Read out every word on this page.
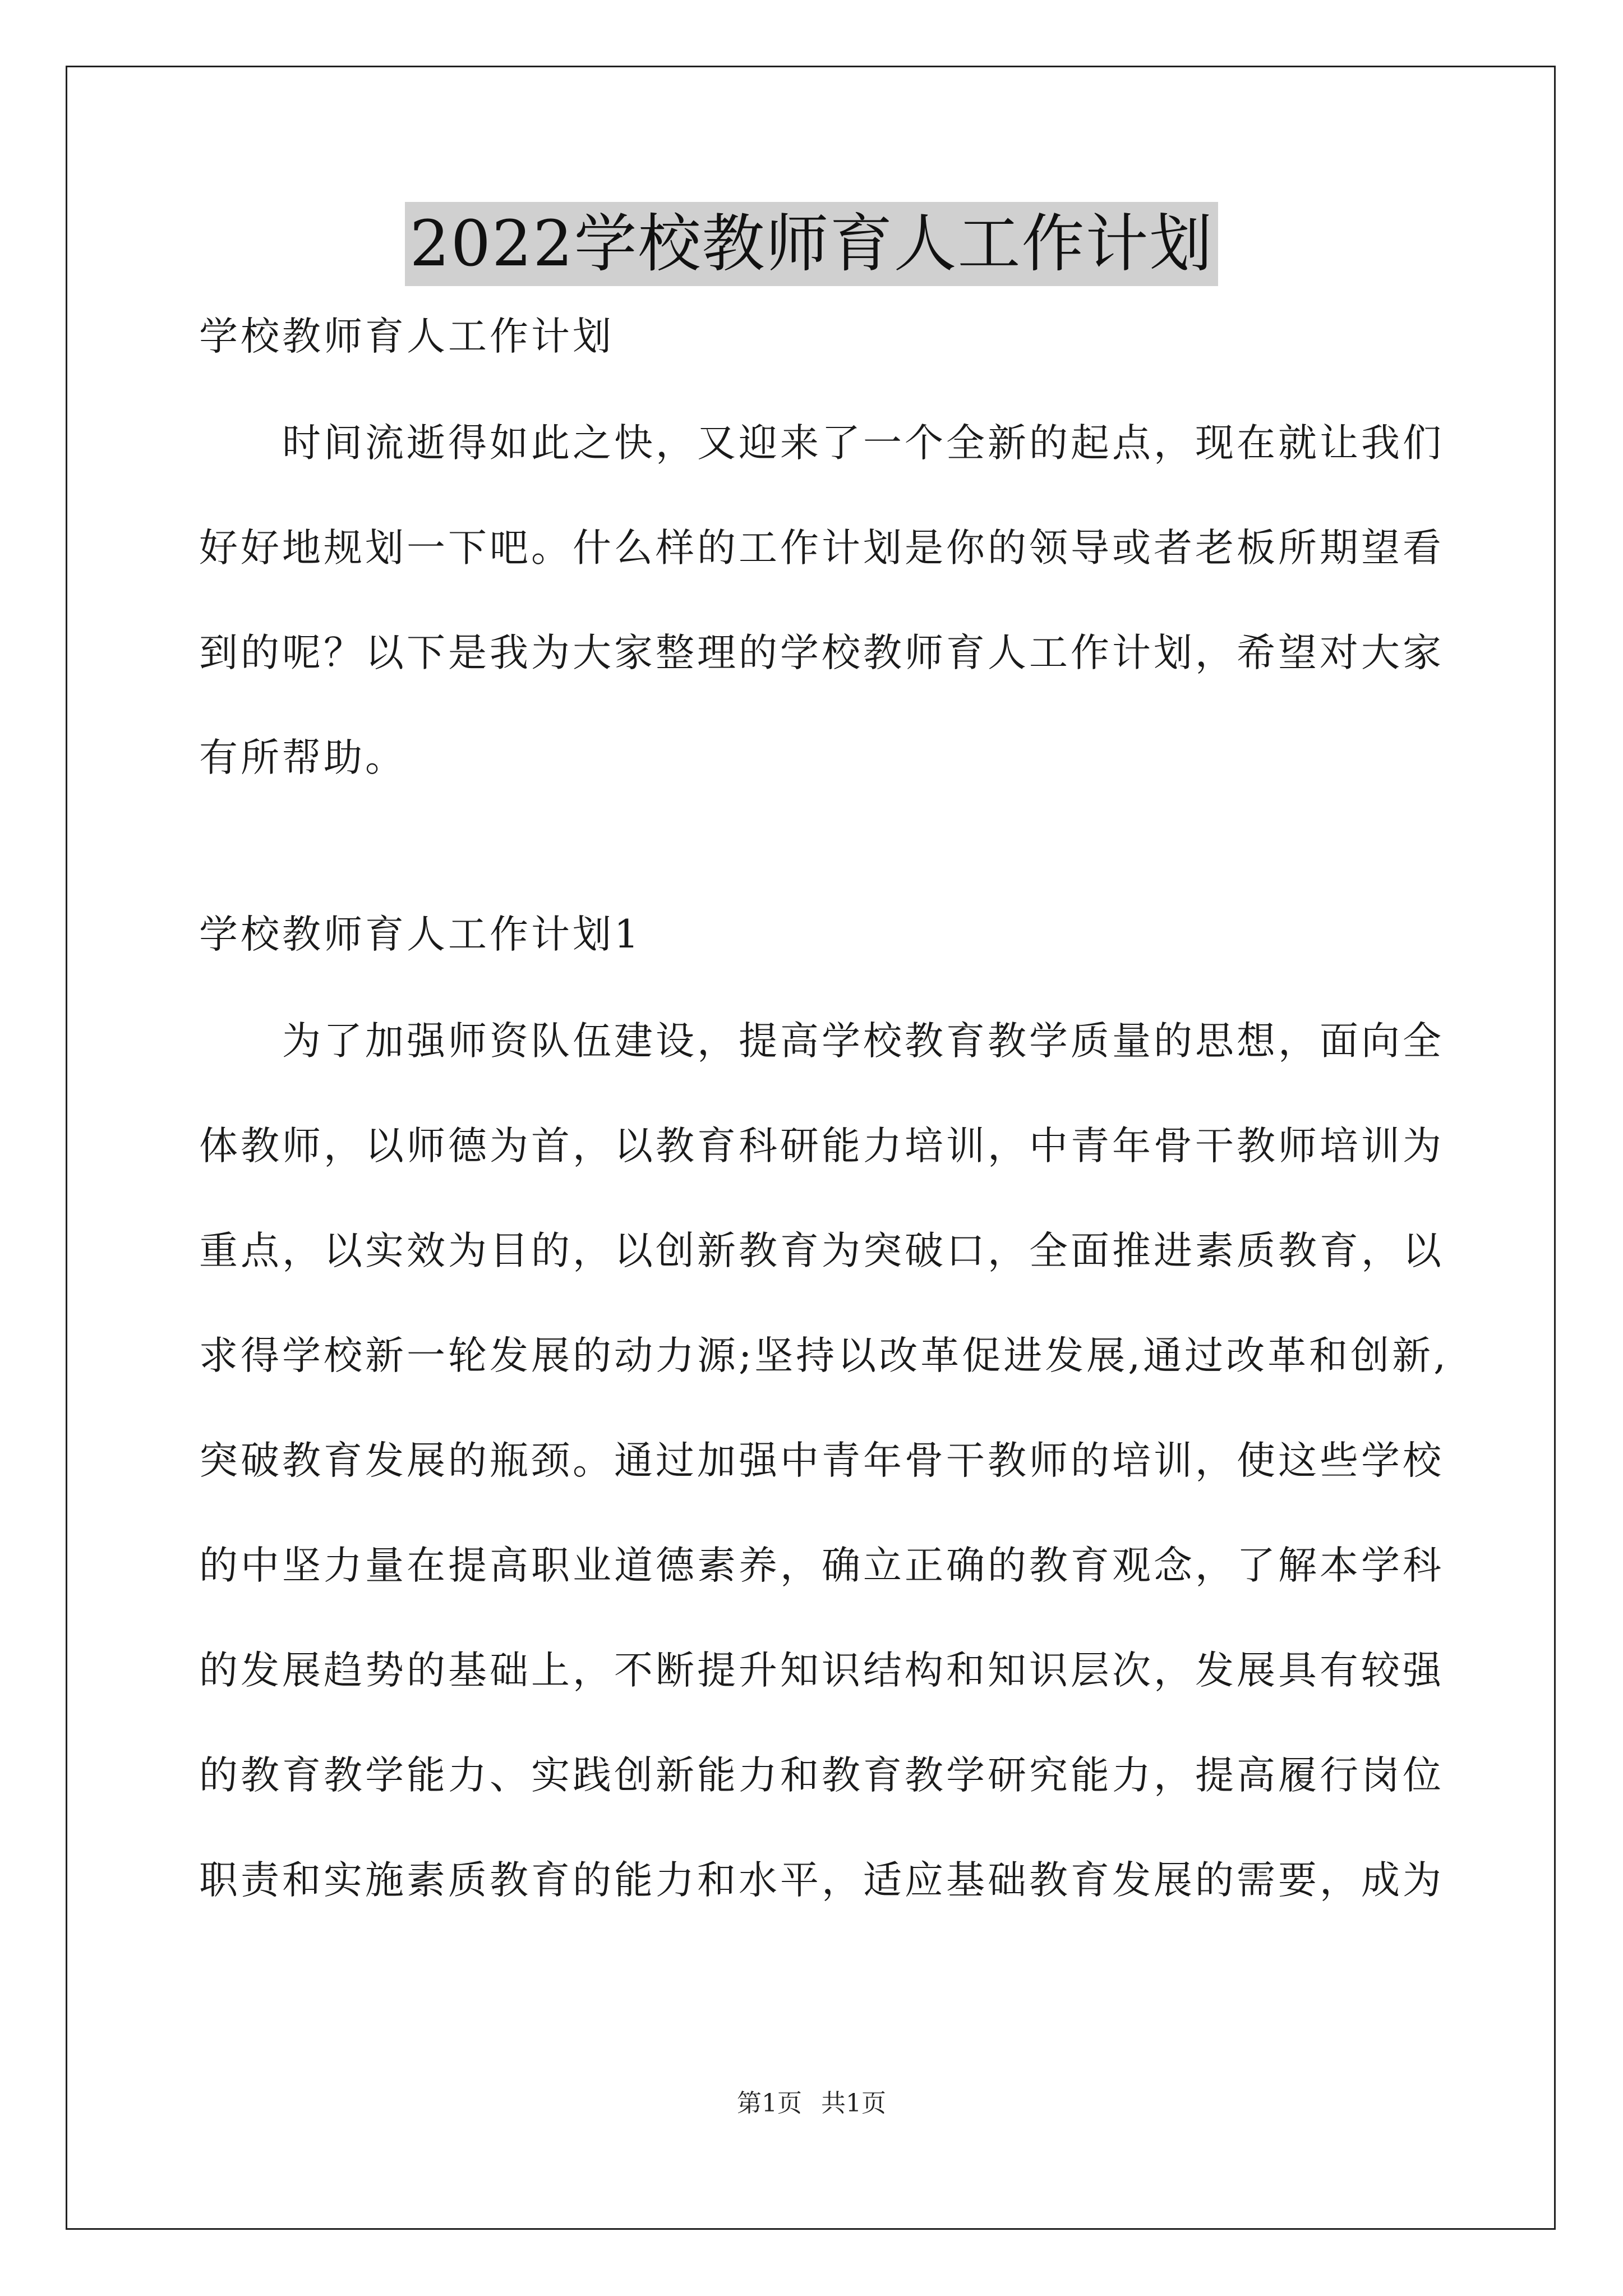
2022学校教师育人工作计划
学校教师育人工作计划
时间流逝得如此之快，又迎来了一个全新的起点，现在就让我们
好好地规划一下吧。什么样的工作计划是你的领导或者老板所期望看
到的呢？以下是我为大家整理的学校教师育人工作计划，希望对大家
有所帮助。
学校教师育人工作计划1
为了加强师资队伍建设，提高学校教育教学质量的思想，面向全
体教师，以师德为首，以教育科研能力培训，中青年骨干教师培训为
重点，以实效为目的，以创新教育为突破口，全面推进素质教育，以
求得学校新一轮发展的动力源;坚持以改革促进发展,通过改革和创新,
突破教育发展的瓶颈。通过加强中青年骨干教师的培训，使这些学校
的中坚力量在提高职业道德素养，确立正确的教育观念，了解本学科
的发展趋势的基础上，不断提升知识结构和知识层次，发展具有较强
的教育教学能力、实践创新能力和教育教学研究能力，提高履行岗位
职责和实施素质教育的能力和水平，适应基础教育发展的需要，成为
第1页 共1页
